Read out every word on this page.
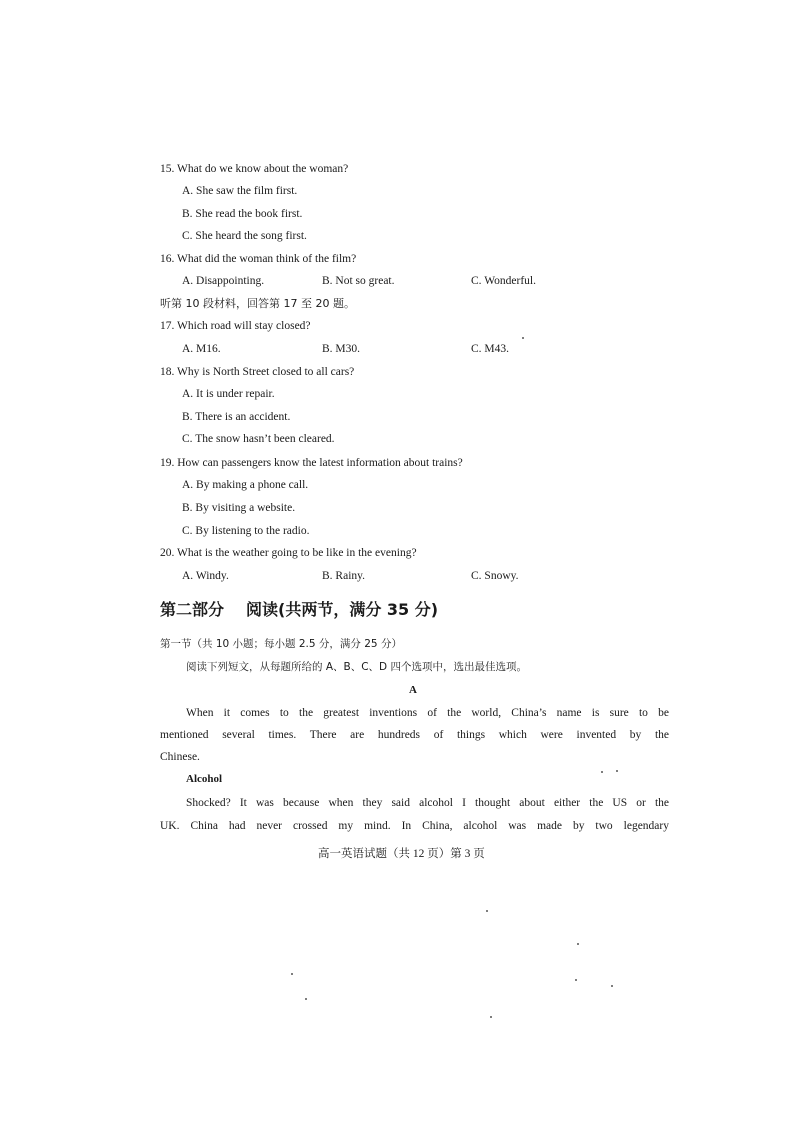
15. What do we know about the woman?
A. She saw the film first.
B. She read the book first.
C. She heard the song first.
16. What did the woman think of the film?
A. Disappointing.	B. Not so great.	C. Wonderful.
听第 10 段材料，回答第 17 至 20 题。
17. Which road will stay closed?
A. M16.	B. M30.	C. M43.
18. Why is North Street closed to all cars?
A. It is under repair.
B. There is an accident.
C. The snow hasn’t been cleared.
19. How can passengers know the latest information about trains?
A. By making a phone call.
B. By visiting a website.
C. By listening to the radio.
20. What is the weather going to be like in the evening?
A. Windy.	B. Rainy.	C. Snowy.
第二部分 阅读(共两节，满分 35 分)
第一节（共 10 小题；每小题 2.5 分，满分 25 分）
阅读下列短文，从每题所给的 A、B、C、D 四个选项中，选出最佳选项。
A
When it comes to the greatest inventions of the world, China’s name is sure to be
mentioned several times. There are hundreds of things which were invented by the
Chinese.
Alcohol
Shocked? It was because when they said alcohol I thought about either the US or the
UK. China had never crossed my mind. In China, alcohol was made by two legendary
高一英语试题（共 12 页）第 3 页
